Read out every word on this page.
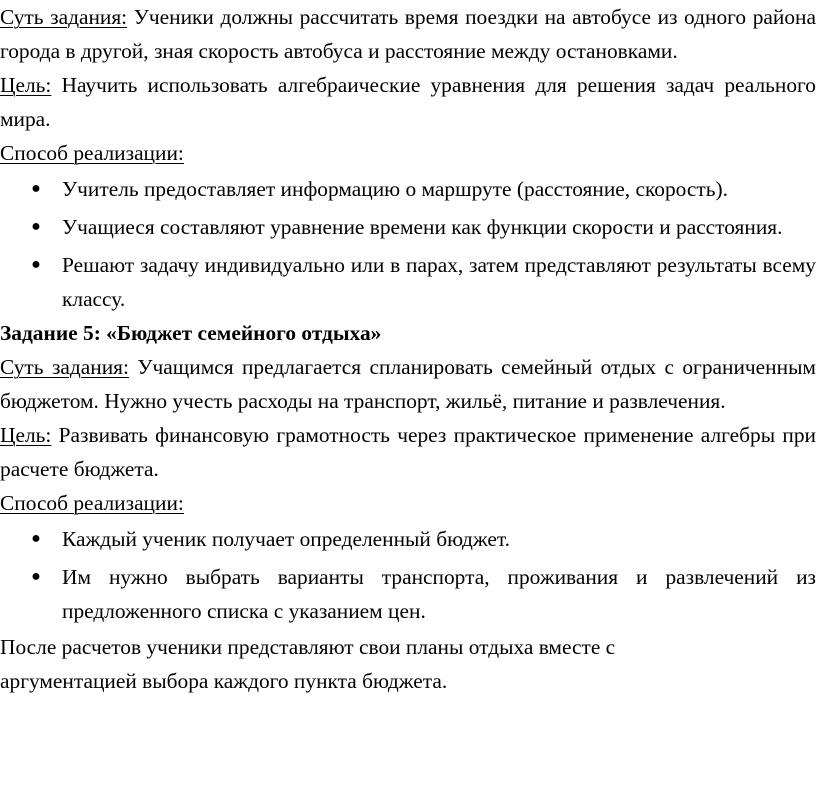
Суть задания: Ученики должны рассчитать время поездки на автобусе из одного района города в другой, зная скорость автобуса и расстояние между остановками.

Цель: Научить использовать алгебраические уравнения для решения задач реального мира.

Способ реализации:

● Учитель предоставляет информацию о маршруте (расстояние, скорость).
● Учащиеся составляют уравнение времени как функции скорости и расстояния.
● Решают задачу индивидуально или в парах, затем представляют результаты всему классу.

Задание 5: «Бюджет семейного отдыха»

Суть задания: Учащимся предлагается спланировать семейный отдых с ограниченным бюджетом. Нужно учесть расходы на транспорт, жильё, питание и развлечения.

Цель: Развивать финансовую грамотность через практическое применение алгебры при расчете бюджета.

Способ реализации:

● Каждый ученик получает определенный бюджет.
● Им нужно выбрать варианты транспорта, проживания и развлечений из предложенного списка с указанием цен.

После расчетов ученики представляют свои планы отдыха вместе с аргументацией выбора каждого пункта бюджета.
